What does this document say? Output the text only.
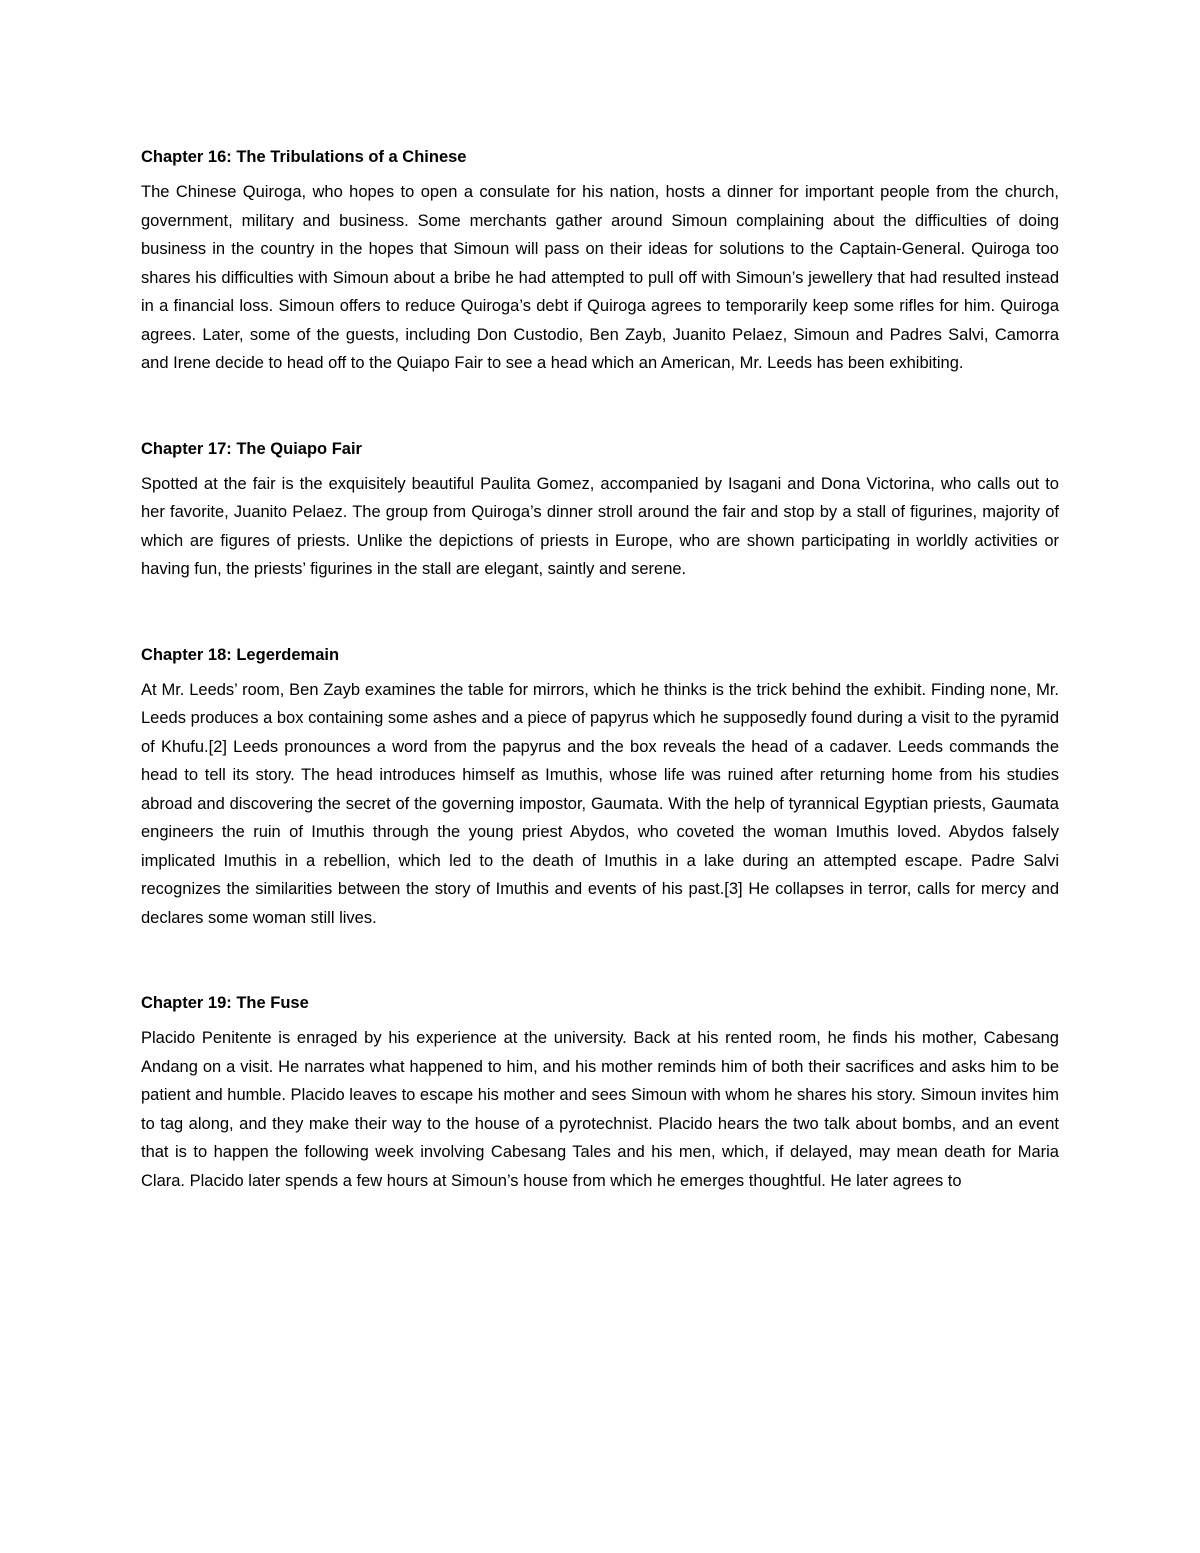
Chapter 16: The Tribulations of a Chinese

The Chinese Quiroga, who hopes to open a consulate for his nation, hosts a dinner for important people from the church, government, military and business. Some merchants gather around Simoun complaining about the difficulties of doing business in the country in the hopes that Simoun will pass on their ideas for solutions to the Captain-General. Quiroga too shares his difficulties with Simoun about a bribe he had attempted to pull off with Simoun’s jewellery that had resulted instead in a financial loss. Simoun offers to reduce Quiroga’s debt if Quiroga agrees to temporarily keep some rifles for him. Quiroga agrees. Later, some of the guests, including Don Custodio, Ben Zayb, Juanito Pelaez, Simoun and Padres Salvi, Camorra and Irene decide to head off to the Quiapo Fair to see a head which an American, Mr. Leeds has been exhibiting.

Chapter 17: The Quiapo Fair

Spotted at the fair is the exquisitely beautiful Paulita Gomez, accompanied by Isagani and Dona Victorina, who calls out to her favorite, Juanito Pelaez. The group from Quiroga’s dinner stroll around the fair and stop by a stall of figurines, majority of which are figures of priests. Unlike the depictions of priests in Europe, who are shown participating in worldly activities or having fun, the priests’ figurines in the stall are elegant, saintly and serene.

Chapter 18: Legerdemain

At Mr. Leeds’ room, Ben Zayb examines the table for mirrors, which he thinks is the trick behind the exhibit. Finding none, Mr. Leeds produces a box containing some ashes and a piece of papyrus which he supposedly found during a visit to the pyramid of Khufu.[2] Leeds pronounces a word from the papyrus and the box reveals the head of a cadaver. Leeds commands the head to tell its story. The head introduces himself as Imuthis, whose life was ruined after returning home from his studies abroad and discovering the secret of the governing impostor, Gaumata. With the help of tyrannical Egyptian priests, Gaumata engineers the ruin of Imuthis through the young priest Abydos, who coveted the woman Imuthis loved. Abydos falsely implicated Imuthis in a rebellion, which led to the death of Imuthis in a lake during an attempted escape. Padre Salvi recognizes the similarities between the story of Imuthis and events of his past.[3] He collapses in terror, calls for mercy and declares some woman still lives.

Chapter 19: The Fuse

Placido Penitente is enraged by his experience at the university. Back at his rented room, he finds his mother, Cabesang Andang on a visit. He narrates what happened to him, and his mother reminds him of both their sacrifices and asks him to be patient and humble. Placido leaves to escape his mother and sees Simoun with whom he shares his story. Simoun invites him to tag along, and they make their way to the house of a pyrotechnist. Placido hears the two talk about bombs, and an event that is to happen the following week involving Cabesang Tales and his men, which, if delayed, may mean death for Maria Clara. Placido later spends a few hours at Simoun’s house from which he emerges thoughtful. He later agrees to
